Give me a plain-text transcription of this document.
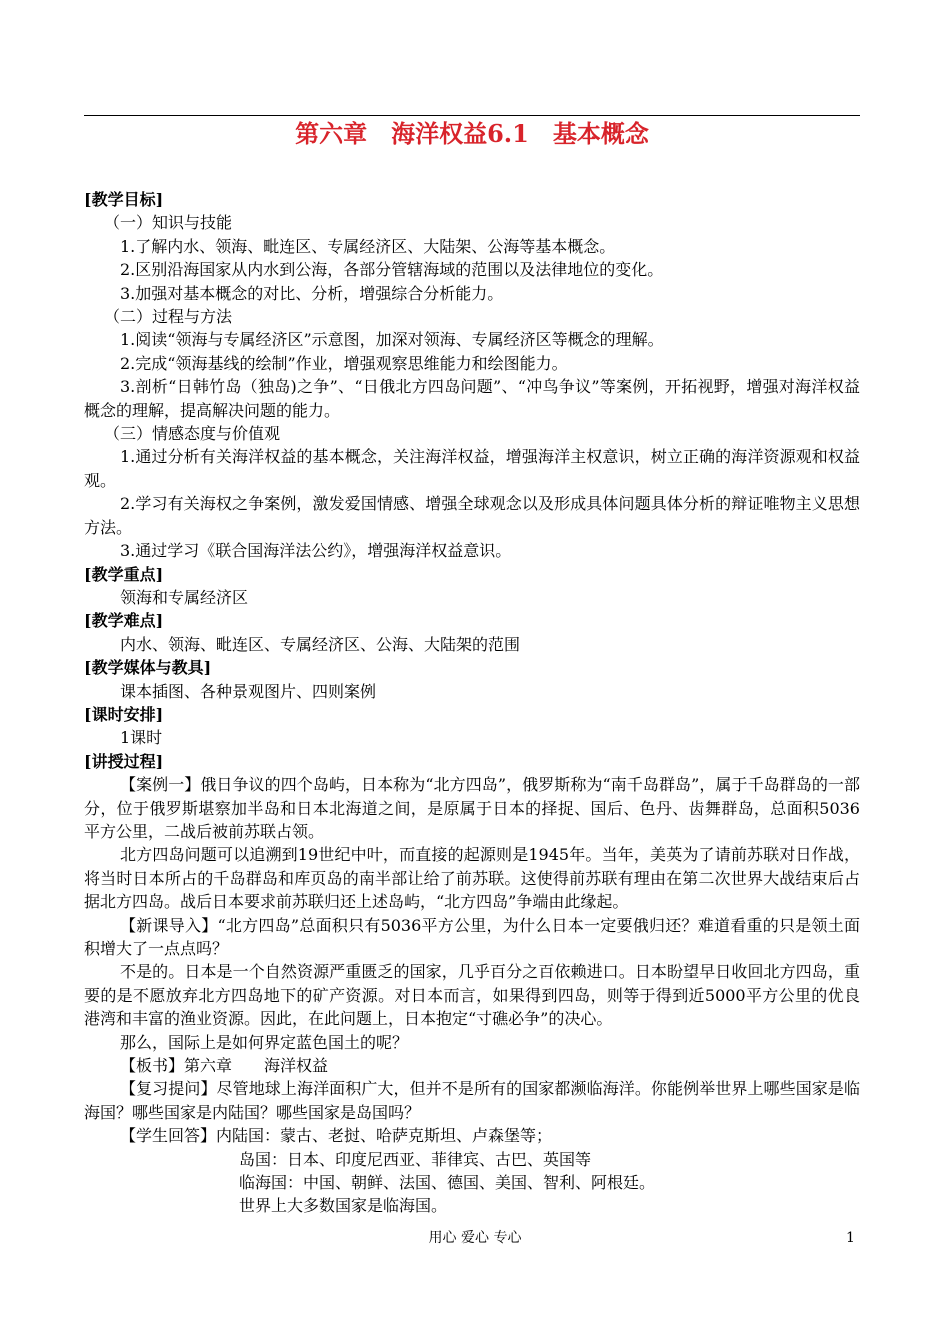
第六章　海洋权益6.1　基本概念

[教学目标]

（一）知识与技能

1.了解内水、领海、毗连区、专属经济区、大陆架、公海等基本概念。

2.区别沿海国家从内水到公海，各部分管辖海域的范围以及法律地位的变化。

3.加强对基本概念的对比、分析，增强综合分析能力。

（二）过程与方法

1.阅读“领海与专属经济区”示意图，加深对领海、专属经济区等概念的理解。

2.完成“领海基线的绘制”作业，增强观察思维能力和绘图能力。

3.剖析“日韩竹岛（独岛)之争”、“日俄北方四岛问题”、“冲鸟争议”等案例，开拓视野，增强对海洋权益概念的理解，提高解决问题的能力。

（三）情感态度与价值观

1.通过分析有关海洋权益的基本概念，关注海洋权益，增强海洋主权意识，树立正确的海洋资源观和权益观。

2.学习有关海权之争案例，激发爱国情感、增强全球观念以及形成具体问题具体分析的辩证唯物主义思想方法。

3.通过学习《联合国海洋法公约》，增强海洋权益意识。

[教学重点]

领海和专属经济区

[教学难点]

内水、领海、毗连区、专属经济区、公海、大陆架的范围

[教学媒体与教具]

课本插图、各种景观图片、四则案例

[课时安排]

1课时

[讲授过程]

【案例一】俄日争议的四个岛屿，日本称为“北方四岛”，俄罗斯称为“南千岛群岛”，属于千岛群岛的一部分，位于俄罗斯堪察加半岛和日本北海道之间，是原属于日本的择捉、国后、色丹、齿舞群岛，总面积5036平方公里，二战后被前苏联占领。

北方四岛问题可以追溯到19世纪中叶，而直接的起源则是1945年。当年，美英为了请前苏联对日作战，将当时日本所占的千岛群岛和库页岛的南半部让给了前苏联。这使得前苏联有理由在第二次世界大战结束后占据北方四岛。战后日本要求前苏联归还上述岛屿，“北方四岛”争端由此缘起。

【新课导入】“北方四岛”总面积只有5036平方公里，为什么日本一定要俄归还？难道看重的只是领土面积增大了一点点吗？

不是的。日本是一个自然资源严重匮乏的国家，几乎百分之百依赖进口。日本盼望早日收回北方四岛，重要的是不愿放弃北方四岛地下的矿产资源。对日本而言，如果得到四岛，则等于得到近5000平方公里的优良港湾和丰富的渔业资源。因此，在此问题上，日本抱定“寸礁必争”的决心。

那么，国际上是如何界定蓝色国土的呢？

【板书】第六章　　海洋权益

【复习提问】尽管地球上海洋面积广大，但并不是所有的国家都濒临海洋。你能例举世界上哪些国家是临海国？哪些国家是内陆国？哪些国家是岛国吗？

【学生回答】内陆国：蒙古、老挝、哈萨克斯坦、卢森堡等；

岛国：日本、印度尼西亚、菲律宾、古巴、英国等

临海国：中国、朝鲜、法国、德国、美国、智利、阿根廷。

世界上大多数国家是临海国。

用心 爱心 专心	1
